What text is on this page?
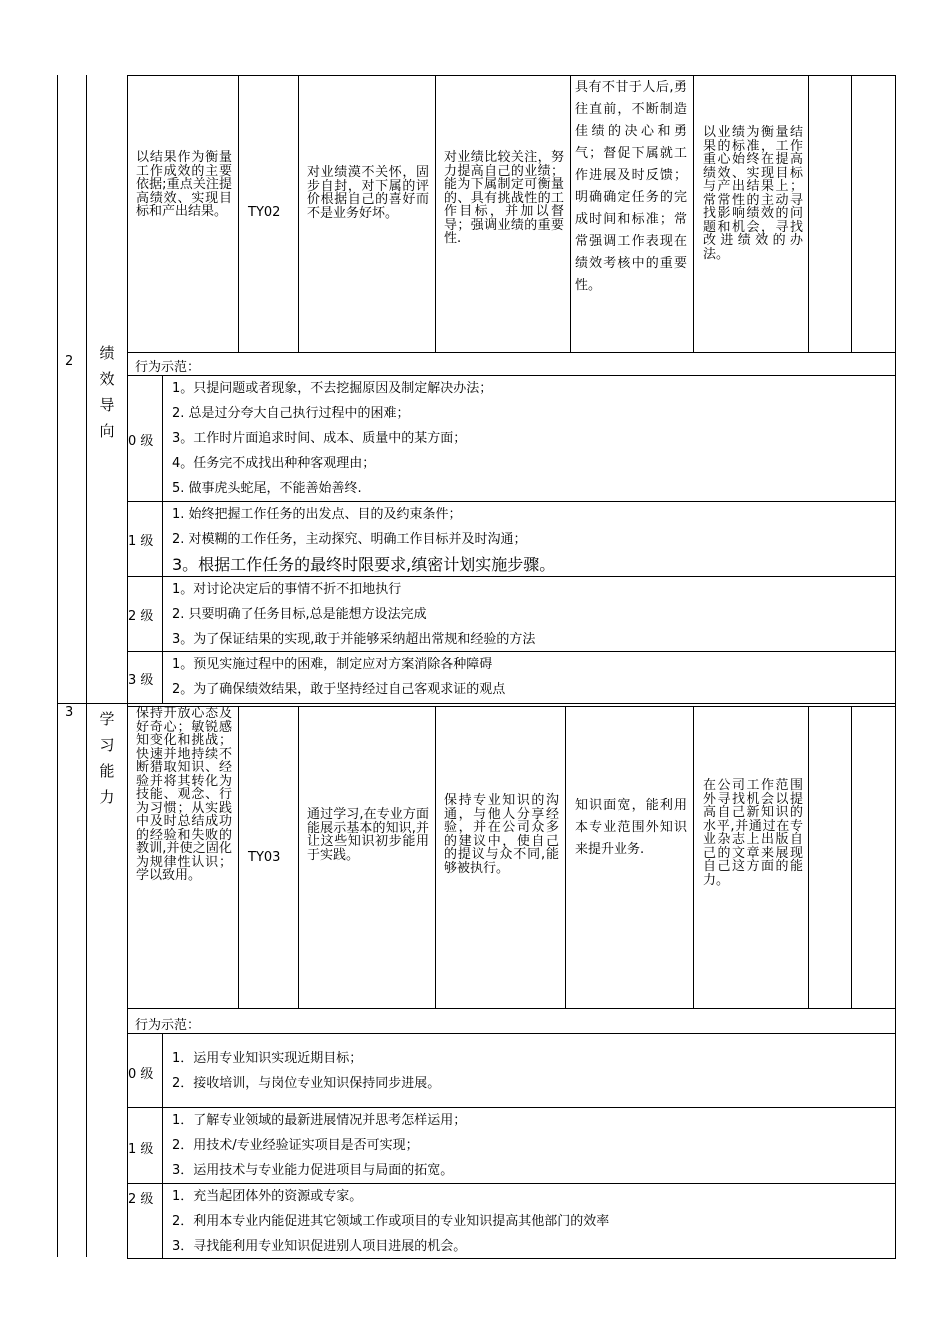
2 绩
效
导
向
3 学
习
能
力
以结果作为衡量工作成效的主要依据;重点关注提高绩效、实现目标和产出结果。	TY02
对业绩漠不关怀，固步自封，对下属的评价根据自己的喜好而不是业务好坏。
对业绩比较关注，努力提高自己的业绩；能为下属制定可衡量的、具有挑战性的工作目标，并加以督导；强调业绩的重要性.
具有不甘于人后,勇往直前，不断制造佳绩的决心和勇气；督促下属就工作进展及时反馈；明确确定任务的完成时间和标准；常常强调工作表现在绩效考核中的重要性。
以业绩为衡量结果的标准，工作重心始终在提高绩效、实现目标与产出结果上；常常性的主动寻找影响绩效的问题和机会，寻找改进绩效的办法。
行为示范：
0 级
1。只提问题或者现象，不去挖掘原因及制定解决办法；
2. 总是过分夸大自己执行过程中的困难；
3。工作时片面追求时间、成本、质量中的某方面；
4。任务完不成找出种种客观理由；
5. 做事虎头蛇尾，不能善始善终.
1 级
1. 始终把握工作任务的出发点、目的及约束条件；
2. 对模糊的工作任务，主动探究、明确工作目标并及时沟通；
3。根据工作任务的最终时限要求,缜密计划实施步骤。
2 级
1。对讨论决定后的事情不折不扣地执行
2. 只要明确了任务目标,总是能想方设法完成
3。为了保证结果的实现,敢于并能够采纳超出常规和经验的方法
3 级
1。预见实施过程中的困难，制定应对方案消除各种障碍
2。为了确保绩效结果，敢于坚持经过自己客观求证的观点
保持开放心态及好奇心；敏锐感知变化和挑战；快速并地持续不断猎取知识、经验并将其转化为技能、观念、行为习惯；从实践中及时总结成功的经验和失败的教训,并使之固化为规律性认识；学以致用。
TY03
通过学习,在专业方面能展示基本的知识,并让这些知识初步能用于实践。
保持专业知识的沟通，与他人分享经验，并在公司众多的建议中，使自己的提议与众不同,能够被执行。
知识面宽，能利用本专业范围外知识来提升业务.
在公司工作范围外寻找机会以提高自己新知识的水平,并通过在专业杂志上出版自己的文章来展现自己这方面的能力。
行为示范：
0 级
1．运用专业知识实现近期目标；
2．接收培训，与岗位专业知识保持同步进展。
1 级
1．了解专业领域的最新进展情况并思考怎样运用；
2．用技术/专业经验证实项目是否可实现；
3．运用技术与专业能力促进项目与局面的拓宽。
2 级 1．充当起团体外的资源或专家。
2．利用本专业内能促进其它领域工作或项目的专业知识提高其他部门的效率
3．寻找能利用专业知识促进别人项目进展的机会。
